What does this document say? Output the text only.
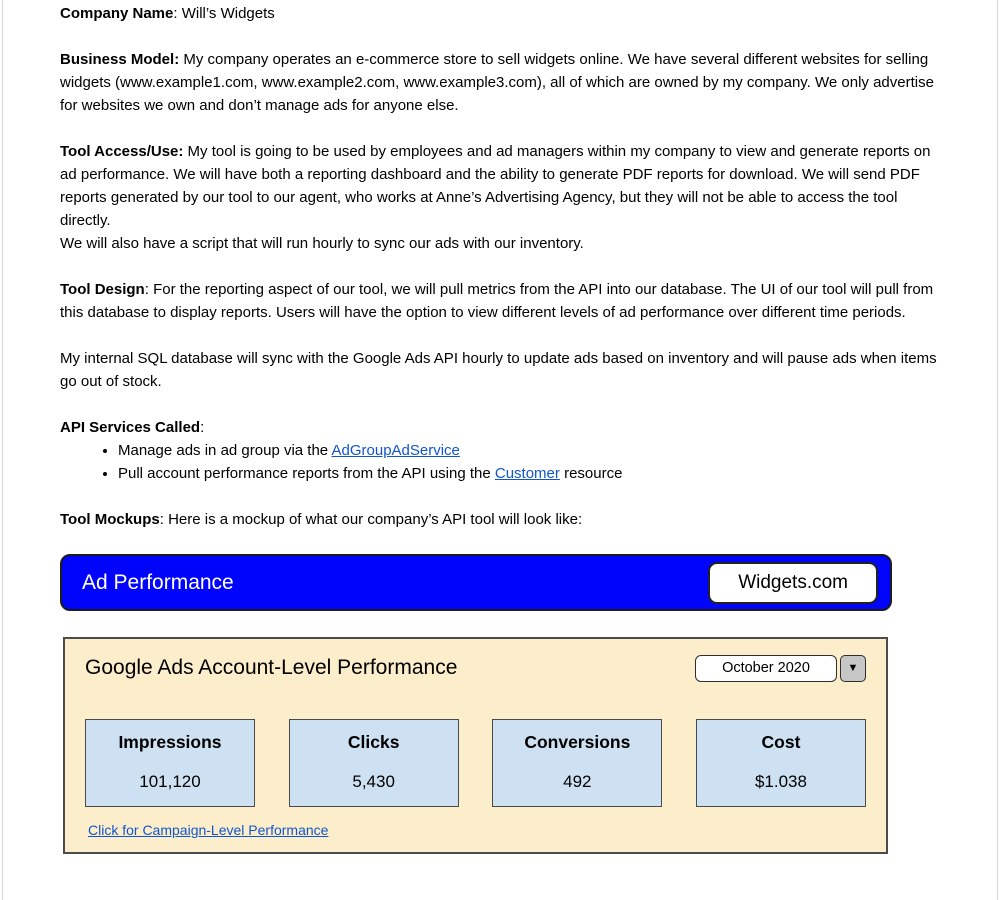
Company Name: Will’s Widgets

Business Model: My company operates an e-commerce store to sell widgets online. We have several different websites for selling widgets (www.example1.com, www.example2.com, www.example3.com), all of which are owned by my company. We only advertise for websites we own and don’t manage ads for anyone else.

Tool Access/Use: My tool is going to be used by employees and ad managers within my company to view and generate reports on ad performance. We will have both a reporting dashboard and the ability to generate PDF reports for download. We will send PDF reports generated by our tool to our agent, who works at Anne’s Advertising Agency, but they will not be able to access the tool directly.
We will also have a script that will run hourly to sync our ads with our inventory.

Tool Design: For the reporting aspect of our tool, we will pull metrics from the API into our database. The UI of our tool will pull from this database to display reports. Users will have the option to view different levels of ad performance over different time periods.

My internal SQL database will sync with the Google Ads API hourly to update ads based on inventory and will pause ads when items go out of stock.

API Services Called:
• Manage ads in ad group via the AdGroupAdService
• Pull account performance reports from the API using the Customer resource

Tool Mockups: Here is a mockup of what our company’s API tool will look like:

Ad Performance	Widgets.com
Google Ads Account-Level Performance	October 2020	▼
Impressions
101,120
Clicks
5,430
Conversions
492
Cost
$1.038
Click for Campaign-Level Performance
